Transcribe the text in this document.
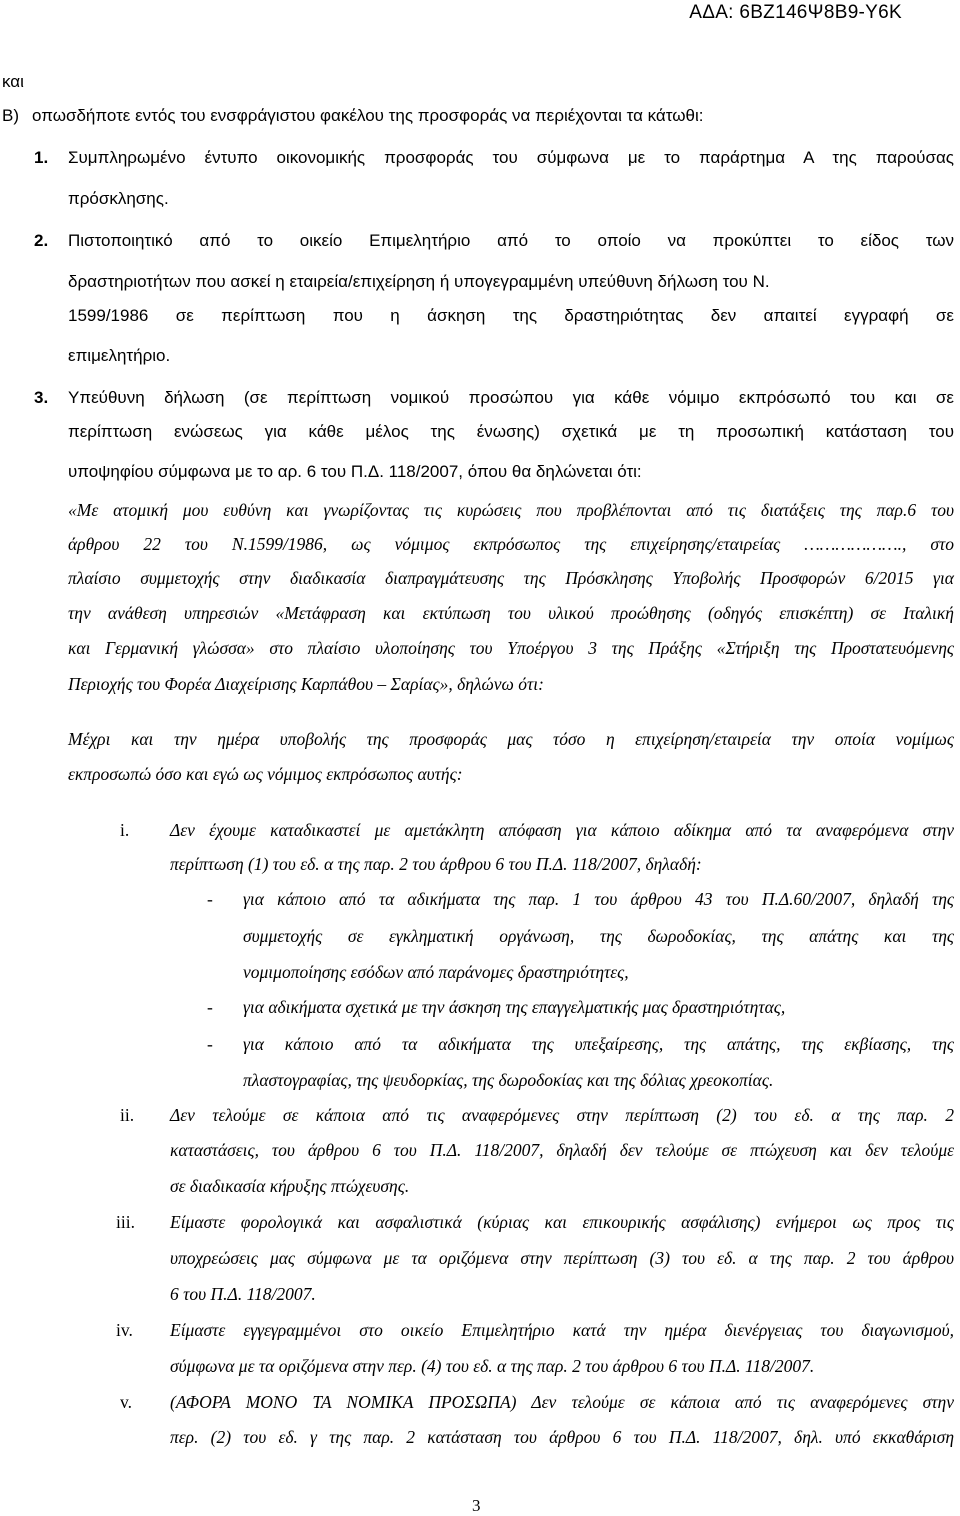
ΑΔΑ: 6ΒΖ146Ψ8Β9-Υ6Κ
και
Β) οπωσδήποτε εντός του ενσφράγιστου φακέλου της προσφοράς να περιέχονται τα κάτωθι:
1. Συμπληρωμένο έντυπο οικονομικής προσφοράς του σύμφωνα με το παράρτημα Α της παρούσας
πρόσκλησης.
2. Πιστοποιητικό από το οικείο Επιμελητήριο από το οποίο να προκύπτει το είδος των
δραστηριοτήτων που ασκεί η εταιρεία/επιχείρηση ή υπογεγραμμένη υπεύθυνη δήλωση του Ν.
1599/1986 σε περίπτωση που η άσκηση της δραστηριότητας δεν απαιτεί εγγραφή σε
επιμελητήριο.
3. Υπεύθυνη δήλωση (σε περίπτωση νομικού προσώπου για κάθε νόμιμο εκπρόσωπό του και σε
περίπτωση ενώσεως για κάθε μέλος της ένωσης) σχετικά με τη προσωπική κατάσταση του
υποψηφίου σύμφωνα με το αρ. 6 του Π.Δ. 118/2007, όπου θα δηλώνεται ότι:
«Με ατομική μου ευθύνη και γνωρίζοντας τις κυρώσεις που προβλέπονται από τις διατάξεις της παρ.6 του
άρθρου 22 του Ν.1599/1986, ως νόμιμος εκπρόσωπος της επιχείρησης/εταιρείας ………………., στο
πλαίσιο συμμετοχής στην διαδικασία διαπραγμάτευσης της Πρόσκλησης Υποβολής Προσφορών 6/2015 για
την ανάθεση υπηρεσιών «Μετάφραση και εκτύπωση του υλικού προώθησης (οδηγός επισκέπτη) σε Ιταλική
και Γερμανική γλώσσα» στο πλαίσιο υλοποίησης του Υποέργου 3 της Πράξης «Στήριξη της Προστατευόμενης
Περιοχής του Φορέα Διαχείρισης Καρπάθου – Σαρίας», δηλώνω ότι:
Μέχρι και την ημέρα υποβολής της προσφοράς μας τόσο η επιχείρηση/εταιρεία την οποία νομίμως
εκπροσωπώ όσο και εγώ ως νόμιμος εκπρόσωπος αυτής:
i. Δεν έχουμε καταδικαστεί με αμετάκλητη απόφαση για κάποιο αδίκημα από τα αναφερόμενα στην
περίπτωση (1) του εδ. α της παρ. 2 του άρθρου 6 του Π.Δ. 118/2007, δηλαδή:
- για κάποιο από τα αδικήματα της παρ. 1 του άρθρου 43 του Π.Δ.60/2007, δηλαδή της
συμμετοχής σε εγκληματική οργάνωση, της δωροδοκίας, της απάτης και της
νομιμοποίησης εσόδων από παράνομες δραστηριότητες,
- για αδικήματα σχετικά με την άσκηση της επαγγελματικής μας δραστηριότητας,
- για κάποιο από τα αδικήματα της υπεξαίρεσης, της απάτης, της εκβίασης, της
πλαστογραφίας, της ψευδορκίας, της δωροδοκίας και της δόλιας χρεοκοπίας.
ii. Δεν τελούμε σε κάποια από τις αναφερόμενες στην περίπτωση (2) του εδ. α της παρ. 2
καταστάσεις, του άρθρου 6 του Π.Δ. 118/2007, δηλαδή δεν τελούμε σε πτώχευση και δεν τελούμε
σε διαδικασία κήρυξης πτώχευσης.
iii. Είμαστε φορολογικά και ασφαλιστικά (κύριας και επικουρικής ασφάλισης) ενήμεροι ως προς τις
υποχρεώσεις μας σύμφωνα με τα οριζόμενα στην περίπτωση (3) του εδ. α της παρ. 2 του άρθρου
6 του Π.Δ. 118/2007.
iv. Είμαστε εγγεγραμμένοι στο οικείο Επιμελητήριο κατά την ημέρα διενέργειας του διαγωνισμού,
σύμφωνα με τα οριζόμενα στην περ. (4) του εδ. α της παρ. 2 του άρθρου 6 του Π.Δ. 118/2007.
v. (ΑΦΟΡΑ ΜΟΝΟ ΤΑ ΝΟΜΙΚΑ ΠΡΟΣΩΠΑ) Δεν τελούμε σε κάποια από τις αναφερόμενες στην
περ. (2) του εδ. γ της παρ. 2 κατάσταση του άρθρου 6 του Π.Δ. 118/2007, δηλ. υπό εκκαθάριση
3
